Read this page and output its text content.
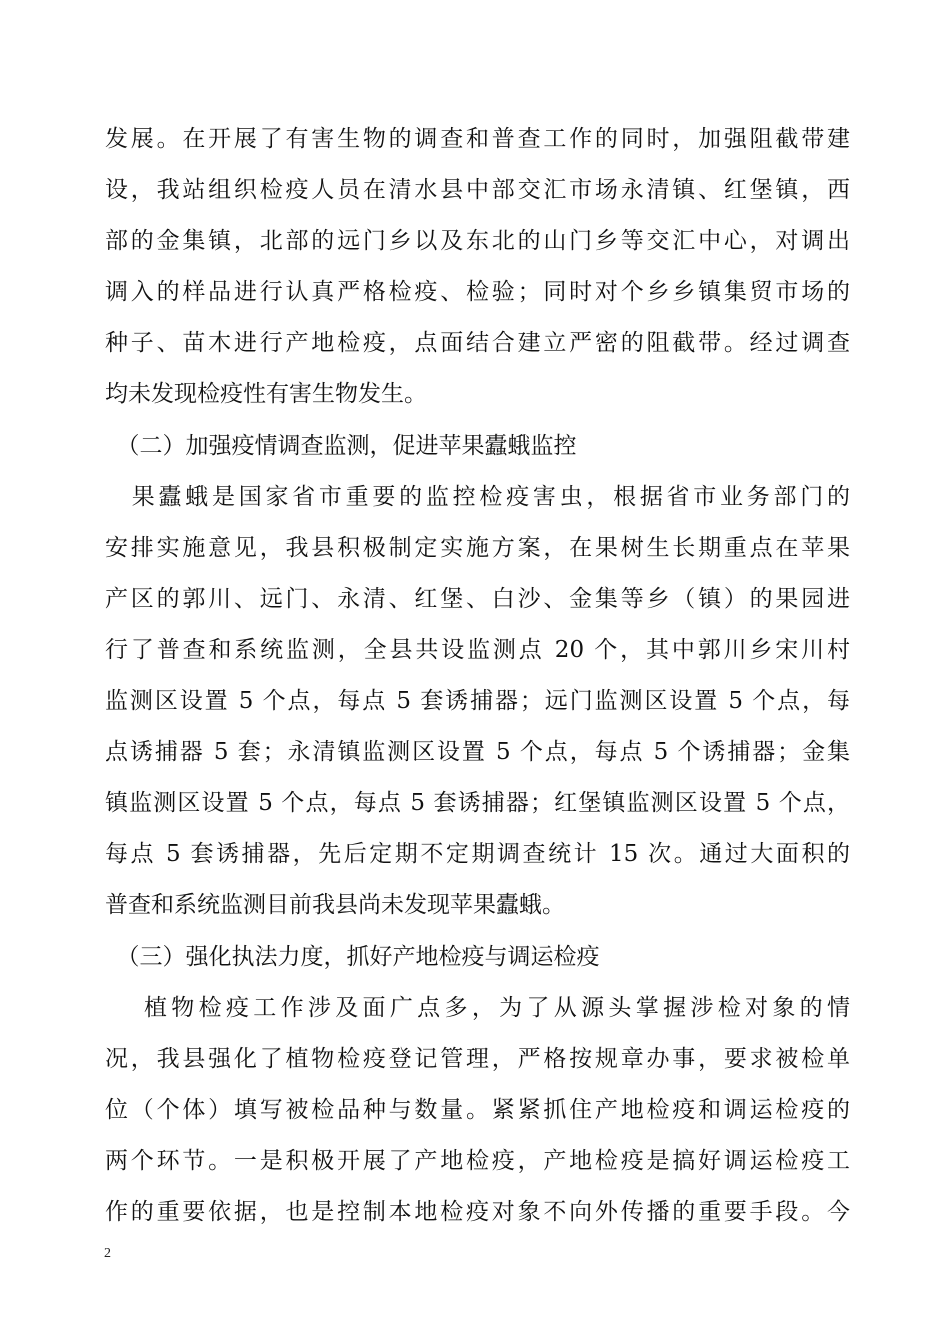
发展。在开展了有害生物的调查和普查工作的同时，加强阻截带建
设，我站组织检疫人员在清水县中部交汇市场永清镇、红堡镇，西
部的金集镇，北部的远门乡以及东北的山门乡等交汇中心，对调出
调入的样品进行认真严格检疫、检验；同时对个乡乡镇集贸市场的
种子、苗木进行产地检疫，点面结合建立严密的阻截带。经过调查
均未发现检疫性有害生物发生。
　（二）加强疫情调查监测，促进苹果蠹蛾监控
　果蠹蛾是国家省市重要的监控检疫害虫，根据省市业务部门的
安排实施意见，我县积极制定实施方案，在果树生长期重点在苹果
产区的郭川、远门、永清、红堡、白沙、金集等乡（镇）的果园进
行了普查和系统监测，全县共设监测点 20 个，其中郭川乡宋川村
监测区设置 5 个点，每点 5 套诱捕器；远门监测区设置 5 个点，每
点诱捕器 5 套；永清镇监测区设置 5 个点，每点 5 个诱捕器；金集
镇监测区设置 5 个点，每点 5 套诱捕器；红堡镇监测区设置 5 个点，
每点 5 套诱捕器，先后定期不定期调查统计 15 次。通过大面积的
普查和系统监测目前我县尚未发现苹果蠹蛾。
　（三）强化执法力度，抓好产地检疫与调运检疫
　 植物检疫工作涉及面广点多，为了从源头掌握涉检对象的情
况，我县强化了植物检疫登记管理，严格按规章办事，要求被检单
位（个体）填写被检品种与数量。紧紧抓住产地检疫和调运检疫的
两个环节。一是积极开展了产地检疫，产地检疫是搞好调运检疫工
作的重要依据，也是控制本地检疫对象不向外传播的重要手段。今
2
